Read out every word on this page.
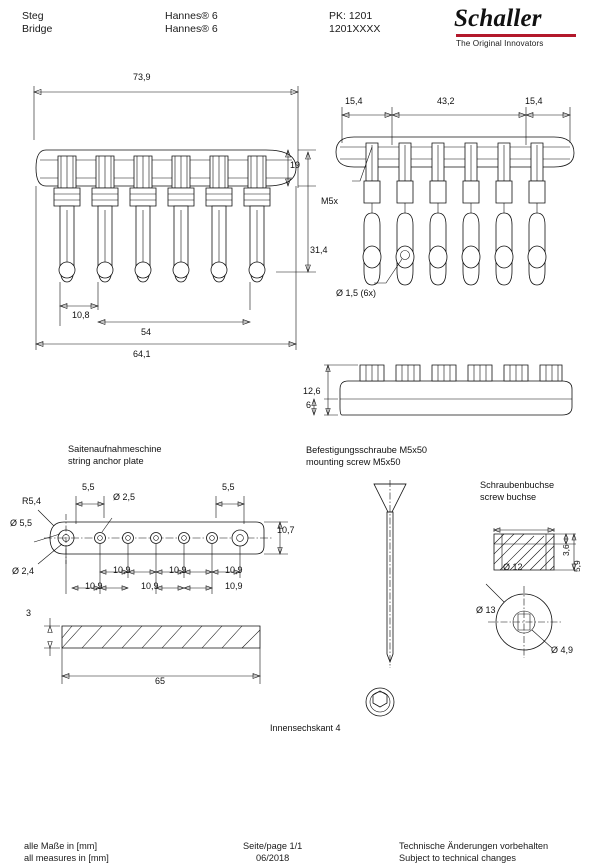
Steg
Bridge
Hannes® 6
Hannes® 6
PK: 1201
1201XXXX	Schaller
The Original Innovators
73,9
19
31,4
10,8
54
64,1
15,4	43,2	15,4
M5x
Ø 1,5 (6x)
12,6
6
Befestigungsschraube M5x50
mounting screw M5x50
Saitenaufnahmeschine
string anchor plate
R5,4
Ø 5,5
Ø 2,4
5,5
Ø 2,5
5,5
10,7
10,9	10,9	10,9
10,9	10,9	10,9
3
65
Schraubenbuchse
screw buchse
Ø 12
3,6
5,9
Ø 13
Ø 4,9
Innensechskant 4
alle Maße in [mm]
all measures in [mm]
Seite/page 1/1
06/2018
Technische Änderungen vorbehalten
Subject to technical changes
